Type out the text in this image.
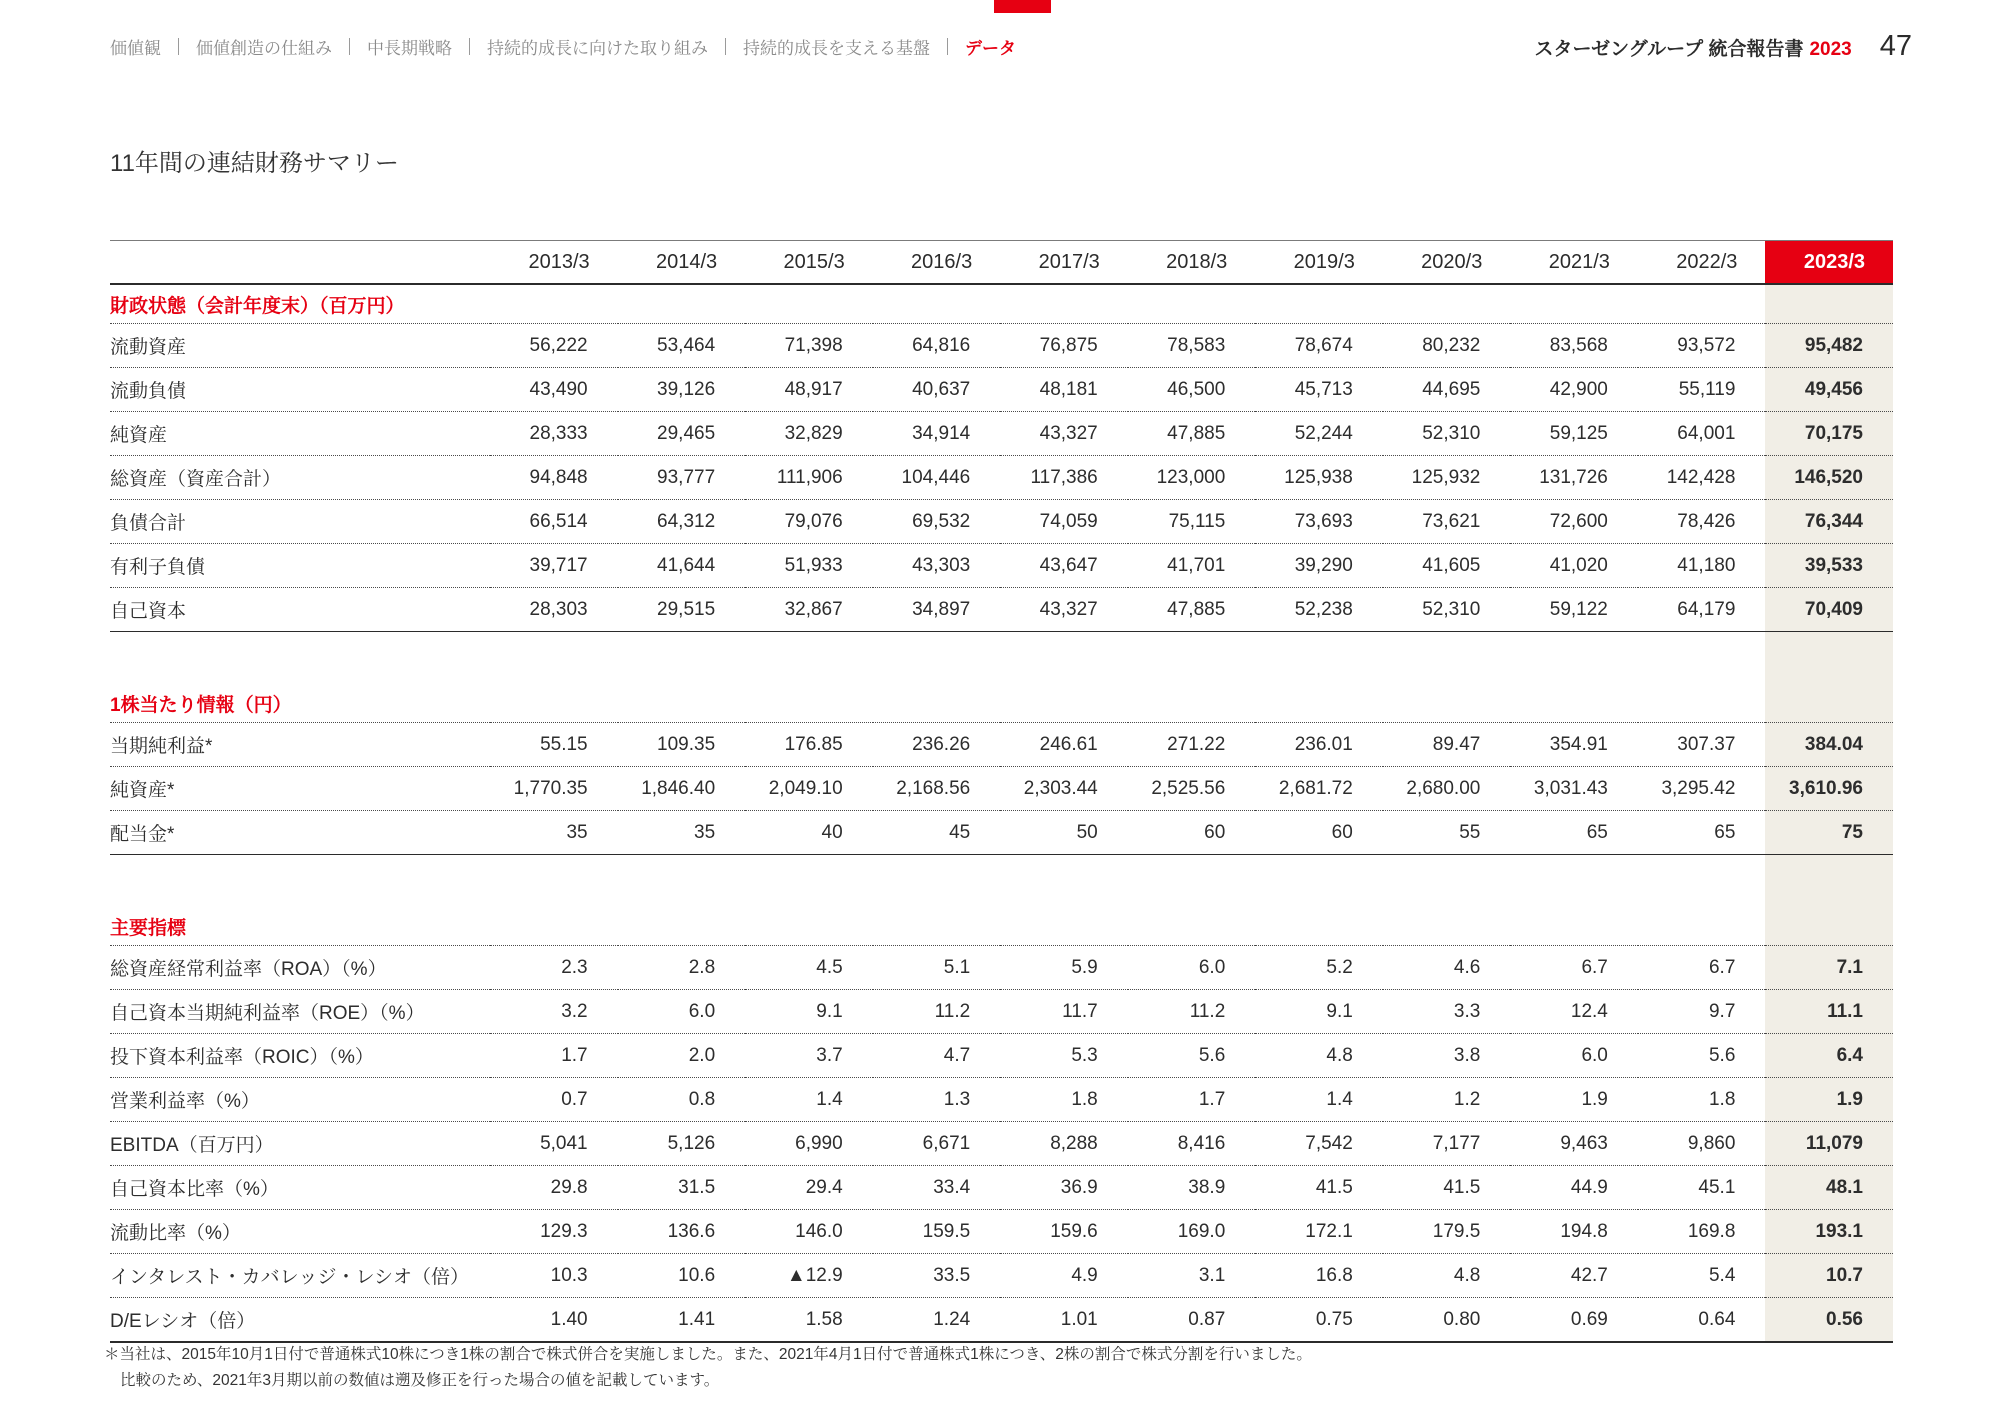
価値観 価値創造の仕組み 中長期戦略 持続的成長に向けた取り組み 持続的成長を支える基盤 データ	スターゼングループ 統合報告書 2023 47
11年間の連結財務サマリー
	2013/3	2014/3	2015/3	2016/3	2017/3	2018/3	2019/3	2020/3	2021/3	2022/3	2023/3
財政状態（会計年度末）（百万円）											
流動資産	56,222	53,464	71,398	64,816	76,875	78,583	78,674	80,232	83,568	93,572	95,482
流動負債	43,490	39,126	48,917	40,637	48,181	46,500	45,713	44,695	42,900	55,119	49,456
純資産	28,333	29,465	32,829	34,914	43,327	47,885	52,244	52,310	59,125	64,001	70,175
総資産（資産合計）	94,848	93,777	111,906	104,446	117,386	123,000	125,938	125,932	131,726	142,428	146,520
負債合計	66,514	64,312	79,076	69,532	74,059	75,115	73,693	73,621	72,600	78,426	76,344
有利子負債	39,717	41,644	51,933	43,303	43,647	41,701	39,290	41,605	41,020	41,180	39,533
自己資本	28,303	29,515	32,867	34,897	43,327	47,885	52,238	52,310	59,122	64,179	70,409

1株当たり情報（円）											
当期純利益*	55.15	109.35	176.85	236.26	246.61	271.22	236.01	89.47	354.91	307.37	384.04
純資産*	1,770.35	1,846.40	2,049.10	2,168.56	2,303.44	2,525.56	2,681.72	2,680.00	3,031.43	3,295.42	3,610.96
配当金*	35	35	40	45	50	60	60	55	65	65	75

主要指標											
総資産経常利益率（ROA）（%）	2.3	2.8	4.5	5.1	5.9	6.0	5.2	4.6	6.7	6.7	7.1
自己資本当期純利益率（ROE）（%）	3.2	6.0	9.1	11.2	11.7	11.2	9.1	3.3	12.4	9.7	11.1
投下資本利益率（ROIC）（%）	1.7	2.0	3.7	4.7	5.3	5.6	4.8	3.8	6.0	5.6	6.4
営業利益率（%）	0.7	0.8	1.4	1.3	1.8	1.7	1.4	1.2	1.9	1.8	1.9
EBITDA（百万円）	5,041	5,126	6,990	6,671	8,288	8,416	7,542	7,177	9,463	9,860	11,079
自己資本比率（%）	29.8	31.5	29.4	33.4	36.9	38.9	41.5	41.5	44.9	45.1	48.1
流動比率（%）	129.3	136.6	146.0	159.5	159.6	169.0	172.1	179.5	194.8	169.8	193.1
インタレスト・カバレッジ・レシオ（倍）	10.3	10.6	▲12.9	33.5	4.9	3.1	16.8	4.8	42.7	5.4	10.7
D/Eレシオ（倍）	1.40	1.41	1.58	1.24	1.01	0.87	0.75	0.80	0.69	0.64	0.56
＊当社は、2015年10月1日付で普通株式10株につき1株の割合で株式併合を実施しました。また、2021年4月1日付で普通株式1株につき、2株の割合で株式分割を行いました。
比較のため、2021年3月期以前の数値は遡及修正を行った場合の値を記載しています。
